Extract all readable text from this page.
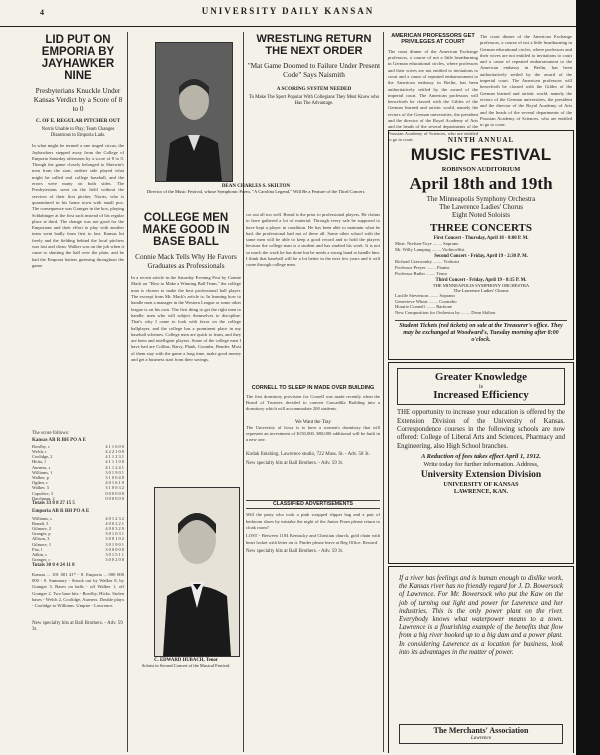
4	UNIVERSITY DAILY KANSAN
LID PUT ON EMPORIA BY JAYHAWKER NINE
Presbyterians Knuckle Under Kansas Verdict by a Score of 8 to 0
C. OF E. REGULAR PITCHER OUT
Norris Unable to Play; Team Changes Disastrous to Emporia Lads.
In what might be termed a one ringed circus, the Jayhawkers stepped away from the College of Emporia Saturday afternoon by a score of 8 to 0. Though the game closely belonged to Sherwin's men from the start, neither side played what might be called real college baseball, and the errors were many on both sides. The Presbyterians went on the field without the services of their first pitcher, Norris, who is quarantined in his home town with small pox. The consequence was Granger in the box, playing Schlabinger at the first sack instead of his regular place at third. The change was not good for the Emporians and their effort to play with another team went badly from first to last. Kansas hit freely and the fielding behind the local pitchers was fast and clean. Walker was on the job when it came to shutting the ball over the plate, and he had the Emporia batters guessing throughout the game.
The score follows:
Kansas AB R BH PO A E
Bowlby, c	4 1 1 6 0 0
Welch, r	4 2 2 1 0 0
Coolidge, 2	4 1 1 2 3 1
Hicks, l	4 1 1 1 0 0
Aurness, s	4 1 1 2 4 1
Williams, 1	3 0 1 9 0 1
Walker, p	3 1 0 0 4 0
Ogden, c	4 0 1 6 1 0
Walker, 3	3 1 0 0 3 2
Capodice, 3	0 0 0 0 0 0
Dutchman, 2	0 0 0 0 0 0
Totals 33 8 8 27 15 5
Emporia AB R BH PO A E
Williams, s	4 0 1 2 3 2
Brandt, 3	4 0 0 2 2 1
Gilmore, 2	4 0 0 3 2 0
Granger, p	3 0 1 0 3 1
Allison, 3	3 0 0 1 0 2
Gilmore, 1	3 0 1 9 0 1
Fitz, l	3 0 0 0 0 0
Adkin, c	3 0 1 5 1 1
Granger, c	3 0 0 2 0 0
Totals 30 0 4 24 11 8
Kansas ... 101 001 41* - 8. Emporia ... 000 000 000 - 0. Summary - Struck out by Walker 8, by Granger 3. Bases on balls - off Walker 1, off Granger 2. Two base hits - Bowlby, Hicks. Stolen bases - Welch 2, Coolidge, Aurness. Double plays - Coolidge to Williams. Umpire - Lawrence.
New specialty hits at Ball Brothers. - Adv. 59 3t.
DEAN CHARLES S. SKILTON
Director of the Music Festival, whose Symphonic Poem, "A Carolina Legend," Will Be a Feature of the Third Concert.
COLLEGE MEN MAKE GOOD IN BASE BALL
Connie Mack Tells Why He Favors Graduates as Professionals
In a recent article in the Saturday Evening Post by Connie Mack on "How to Make a Winning Ball Team," the college man is chosen to make the best professional ball player. The excerpt from Mr. Mack's article is: In learning how to handle men a manager in the Western League or some other league is on his own. The first thing to get the right men to handle; men who will subject themselves to discipline. That's why I came to look with favor on the college ballplayer, and the college has a prominent place in my baseball schemes. College men are quick to learn, and they are keen and intelligent players. Some of the college men I have had are Collins, Barry, Plank, Coombs, Bender. Most of them stay with the game a long time, make good money and get a business start from their savings.
C. EDWARD HUBACH, Tenor
Soloist in Second Concert of the Musical Festival.
cot out all too well. Bread is the prior to professional players. He claims to have gathered a lot of material. Through every sale he supposed to have kept a player in condition. He has been able to maintain what he had, the professional had not of these all. Some other school with the same men will be able to keep a good record and to hold the players because the college man is a student and has studied his work. It is not so much the work he has done but he needs a strong hand to handle him. I think that baseball will be a lot better in the next few years and it will come through college men.
CORNELL TO SLEEP IN MADE OVER BUILDING
The first dormitory provision for Cornell was made recently when the Board of Trustees decided to convert Cascadilla Building into a dormitory which will accommodate 200 students.
We Want the Tray
The University of Iowa is to have a women's dormitory that will represent an investment of $150,000. $80,000 additional will be built in a new one.
Kodak finishing. Lawrence studio, 722 Mass. St. - Adv. 58 3t.
New specialty hits at Ball Brothers. - Adv. 59 3t.
CLASSIFIED ADVERTISEMENTS
Will the party who took a pink wrapped slipper bag and a pair of bedroom shoes by mistake the night of the Junior Prom please return to cloak room?
LOST - Between 1104 Kentucky and Christian church, gold chain with heart locket with letter on it. Finder please leave at Reg Office. Reward.
New specialty hits at Ball Brothers. - Adv. 59 3t.
WRESTLING RETURN THE NEXT ORDER
"Mat Game Doomed to Failure Under Present Code" Says Naismith
A SCORING SYSTEM NEEDED
To Make The Sport Popular With Collegians They Must Know who Has The Advantage.
AMERICAN PROFESSORS GET PRIVILEGES AT COURT
The court dinner of the American Exchange professors, a course of not a little heartburning in German educational circles, where professors and their wives are not entitled to invitations to court and a cause of repeated embarrassment to the American embassy in Berlin, has been authoritatively settled by the award of the imperial court. The American professors will henceforth be classed with the Gildes of the German learned and artistic world, namely the rectors of the German universities, the president and the director of the Royal Academy of Arts and the heads of the several departments of the Prussian Academy of Sciences, who are entitled to go to court.	NINTH ANNUAL
MUSIC FESTIVAL
ROBINSON AUDITORIUM
April 18th and 19th
The Minneapolis Symphony Orchestra
The Lawrence Ladies' Chorus
Eight Noted Soloists
THREE CONCERTS
First Concert - Thursday, April 18 - 8:00 P. M.
Mme. Nielsen-Toye ........ Soprano
Mr. Willy Lamping ........ Violincellist
Second Concert - Friday, April 19 - 2:30 P. M.
Richard Czerwonky ........ Violinist
Professor Preyer ........ Pianist
Professor Butler ........ Tenor
Third Concert - Friday, April 19 - 8:15 P. M.
THE MINNEAPOLIS SYMPHONY ORCHESTRA
The Lawrence Ladies' Chorus
Lucille Stevenson ........ Soprano
Genevieve Wheat ........ Contralto
Horatio Connell ........ Baritone
New Composition for Orchestra by ........ Dean Skilton
Student Tickets (red tickets) on sale at the Treasurer's office. They may be exchanged at Woodward's, Tuesday morning after 8:00 o'clock.
Greater Knowledge
is
Increased Efficiency
THE opportunity to increase your education is offered by the Extension Division of the University of Kansas. Correspondence courses in the following schools are now offered: College of Liberal Arts and Sciences, Pharmacy and Engineering, also High School branches.
A Reduction of fees takes effect April 1, 1912.
Write today for further information. Address,
University Extension Division
UNIVERSITY OF KANSAS
LAWRENCE, KAN.
If a river has feelings and is human enough to dislike work, the Kansas river has no friendly regard for J. D. Bowersock of Lawrence. For Mr. Bowersock who put the Kaw on the job of turning out light and power for Lawrence and her industries. This is the only power plant on the river. Everybody knows what waterpower means to a town. Lawrence is a flourishing example of the benefits that flow from a big river hooked up to a big dam and a power plant. In considering Lawrence as a location for business, look into its advantages in the matter of power.
The Merchants' Association
Lawrence
The court dinner of the American Exchange professors, a course of not a little heartburning in German educational circles, where professors and their wives are not entitled to invitations to court and a cause of repeated embarrassment to the American embassy in Berlin, has been authoritatively settled by the award of the imperial court. The American professors will henceforth be classed with the Gildes of the German learned and artistic world, namely the rectors of the German universities, the president and the director of the Royal Academy of Arts and the heads of the several departments of the Prussian Academy of Sciences, who are entitled to go to court.
